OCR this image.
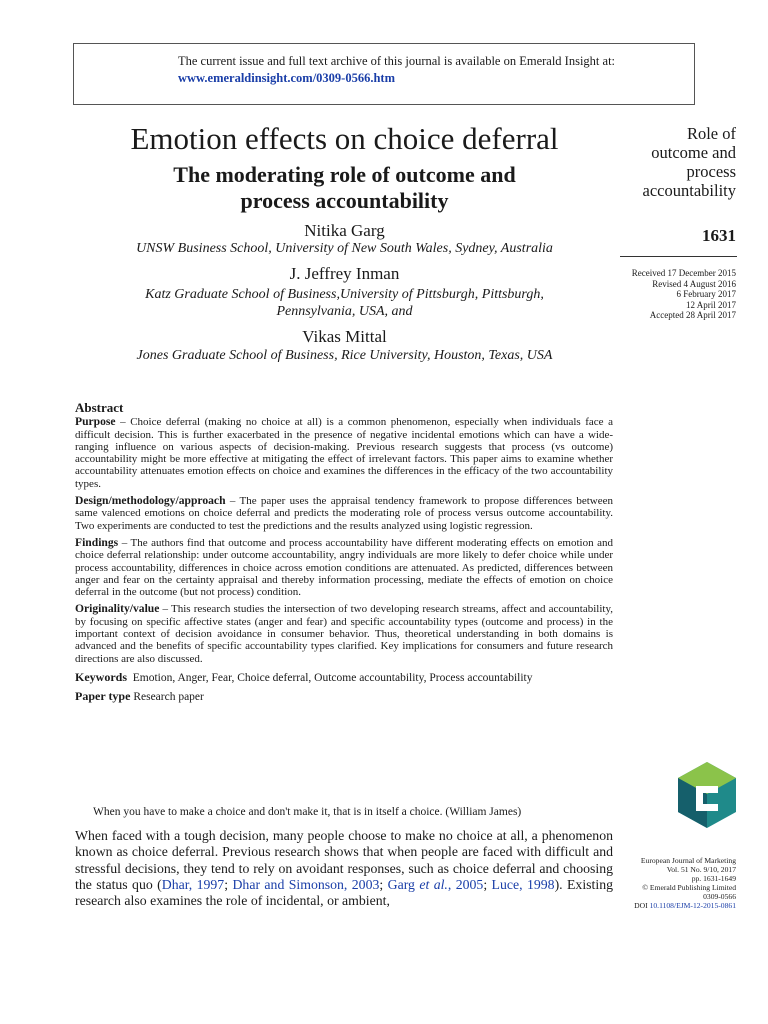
The current issue and full text archive of this journal is available on Emerald Insight at:
www.emeraldinsight.com/0309-0566.htm
Emotion effects on choice deferral
The moderating role of outcome and
process accountability
Nitika Garg
UNSW Business School, University of New South Wales, Sydney, Australia
J. Jeffrey Inman
Katz Graduate School of Business,University of Pittsburgh, Pittsburgh,
Pennsylvania, USA, and
Vikas Mittal
Jones Graduate School of Business, Rice University, Houston, Texas, USA
Role of
outcome and
process
accountability
1631
Received 17 December 2015
Revised 4 August 2016
6 February 2017
12 April 2017
Accepted 28 April 2017
Abstract

Purpose – Choice deferral (making no choice at all) is a common phenomenon, especially when individuals face a difficult decision. This is further exacerbated in the presence of negative incidental emotions which can have a wide-ranging influence on various aspects of decision-making. Previous research suggests that process (vs outcome) accountability might be more effective at mitigating the effect of irrelevant factors. This paper aims to examine whether accountability attenuates emotion effects on choice and examines the differences in the efficacy of the two accountability types.

Design/methodology/approach – The paper uses the appraisal tendency framework to propose differences between same valenced emotions on choice deferral and predicts the moderating role of process versus outcome accountability. Two experiments are conducted to test the predictions and the results analyzed using logistic regression.

Findings – The authors find that outcome and process accountability have different moderating effects on emotion and choice deferral relationship: under outcome accountability, angry individuals are more likely to defer choice while under process accountability, differences in choice across emotion conditions are attenuated. As predicted, differences between anger and fear on the certainty appraisal and thereby information processing, mediate the effects of emotion on choice deferral in the outcome (but not process) condition.

Originality/value – This research studies the intersection of two developing research streams, affect and accountability, by focusing on specific affective states (anger and fear) and specific accountability types (outcome and process) in the important context of decision avoidance in consumer behavior. Thus, theoretical understanding in both domains is advanced and the benefits of specific accountability types clarified. Key implications for consumers and future research directions are also discussed.

Keywords Emotion, Anger, Fear, Choice deferral, Outcome accountability, Process accountability

Paper type Research paper

When you have to make a choice and don't make it, that is in itself a choice. (William James)
When faced with a tough decision, many people choose to make no choice at all, a phenomenon known as choice deferral. Previous research shows that when people are faced with difficult and stressful decisions, they tend to rely on avoidant responses, such as choice deferral and choosing the status quo (Dhar, 1997; Dhar and Simonson, 2003; Garg et al., 2005; Luce, 1998). Existing research also examines the role of incidental, or ambient,
European Journal of Marketing
Vol. 51 No. 9/10, 2017
pp. 1631-1649
© Emerald Publishing Limited
0309-0566
DOI 10.1108/EJM-12-2015-0861
